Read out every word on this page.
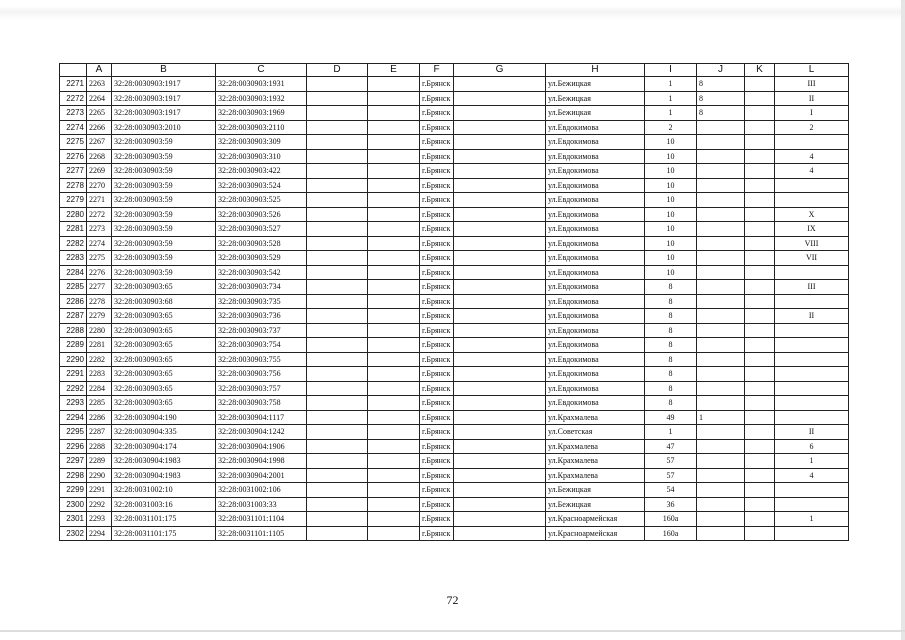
	A	B	C	D	E	F	G	H	I	J	K	L
2271	2263	32:28:0030903:1917	32:28:0030903:1931			г.Брянск		ул.Бежицкая	1	8		III
2272	2264	32:28:0030903:1917	32:28:0030903:1932			г.Брянск		ул.Бежицкая	1	8		II
2273	2265	32:28:0030903:1917	32:28:0030903:1969			г.Брянск		ул.Бежицкая	1	8		I
2274	2266	32:28:0030903:2010	32:28:0030903:2110			г.Брянск		ул.Евдокимова	2			2
2275	2267	32:28:0030903:59	32:28:0030903:309			г.Брянск		ул.Евдокимова	10			
2276	2268	32:28:0030903:59	32:28:0030903:310			г.Брянск		ул.Евдокимова	10			4
2277	2269	32:28:0030903:59	32:28:0030903:422			г.Брянск		ул.Евдокимова	10			4
2278	2270	32:28:0030903:59	32:28:0030903:524			г.Брянск		ул.Евдокимова	10			
2279	2271	32:28:0030903:59	32:28:0030903:525			г.Брянск		ул.Евдокимова	10			
2280	2272	32:28:0030903:59	32:28:0030903:526			г.Брянск		ул.Евдокимова	10			X
2281	2273	32:28:0030903:59	32:28:0030903:527			г.Брянск		ул.Евдокимова	10			IX
2282	2274	32:28:0030903:59	32:28:0030903:528			г.Брянск		ул.Евдокимова	10			VIII
2283	2275	32:28:0030903:59	32:28:0030903:529			г.Брянск		ул.Евдокимова	10			VII
2284	2276	32:28:0030903:59	32:28:0030903:542			г.Брянск		ул.Евдокимова	10			
2285	2277	32:28:0030903:65	32:28:0030903:734			г.Брянск		ул.Евдокимова	8			III
2286	2278	32:28:0030903:68	32:28:0030903:735			г.Брянск		ул.Евдокимова	8			
2287	2279	32:28:0030903:65	32:28:0030903:736			г.Брянск		ул.Евдокимова	8			II
2288	2280	32:28:0030903:65	32:28:0030903:737			г.Брянск		ул.Евдокимова	8			
2289	2281	32:28:0030903:65	32:28:0030903:754			г.Брянск		ул.Евдокимова	8			
2290	2282	32:28:0030903:65	32:28:0030903:755			г.Брянск		ул.Евдокимова	8			
2291	2283	32:28:0030903:65	32:28:0030903:756			г.Брянск		ул.Евдокимова	8			
2292	2284	32:28:0030903:65	32:28:0030903:757			г.Брянск		ул.Евдокимова	8			
2293	2285	32:28:0030903:65	32:28:0030903:758			г.Брянск		ул.Евдокимова	8			
2294	2286	32:28:0030904:190	32:28:0030904:1117			г.Брянск		ул.Крахмалева	49	1		
2295	2287	32:28:0030904:335	32:28:0030904:1242			г.Брянск		ул.Советская	1			II
2296	2288	32:28:0030904:174	32:28:0030904:1906			г.Брянск		ул.Крахмалева	47			6
2297	2289	32:28:0030904:1983	32:28:0030904:1998			г.Брянск		ул.Крахмалева	57			1
2298	2290	32:28:0030904:1983	32:28:0030904:2001			г.Брянск		ул.Крахмалева	57			4
2299	2291	32:28:0031002:10	32:28:0031002:106			г.Брянск		ул.Бежицкая	54			
2300	2292	32:28:0031003:16	32:28:0031003:33			г.Брянск		ул.Бежицкая	36			
2301	2293	32:28:0031101:175	32:28:0031101:1104			г.Брянск		ул.Красноармейская	160а			1
2302	2294	32:28:0031101:175	32:28:0031101:1105			г.Брянск		ул.Красноармейская	160а			
72
